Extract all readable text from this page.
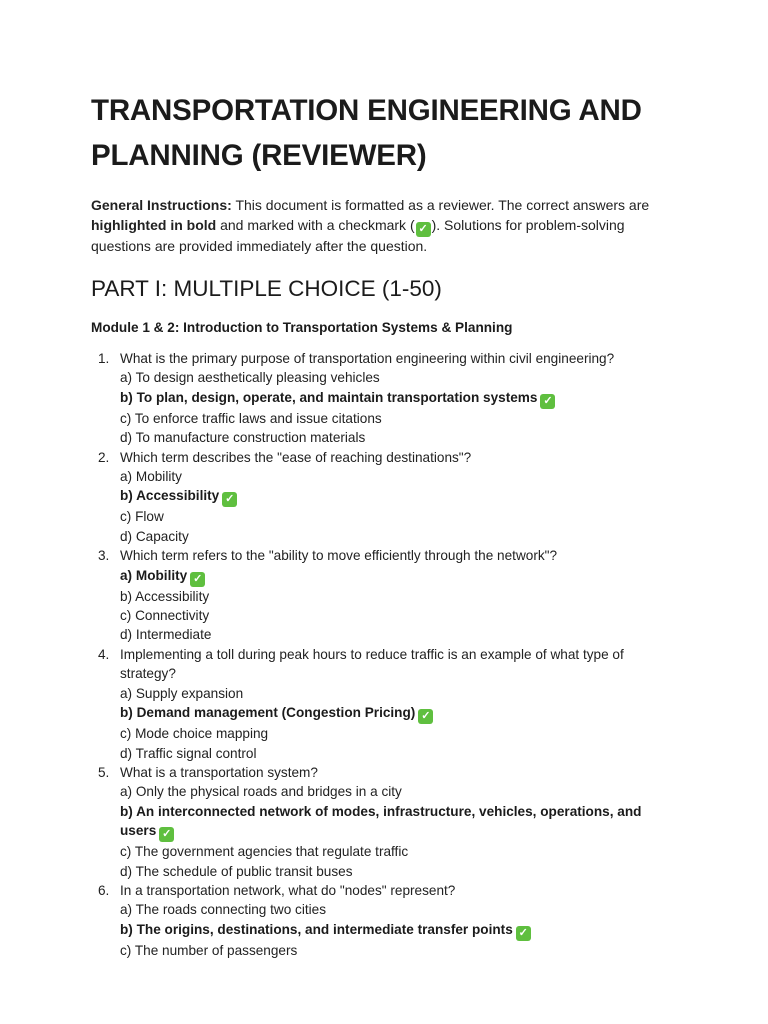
TRANSPORTATION ENGINEERING AND PLANNING (REVIEWER)

General Instructions: This document is formatted as a reviewer. The correct answers are highlighted in bold and marked with a checkmark ( ✓ ). Solutions for problem-solving questions are provided immediately after the question.

PART I: MULTIPLE CHOICE (1-50)
Module 1 & 2: Introduction to Transportation Systems & Planning
1. What is the primary purpose of transportation engineering within civil engineering?
a) To design aesthetically pleasing vehicles
b) To plan, design, operate, and maintain transportation systems ✓
c) To enforce traffic laws and issue citations
d) To manufacture construction materials
2. Which term describes the "ease of reaching destinations"?
a) Mobility
b) Accessibility ✓
c) Flow
d) Capacity
3. Which term refers to the "ability to move efficiently through the network"?
a) Mobility ✓
b) Accessibility
c) Connectivity
d) Intermediate
4. Implementing a toll during peak hours to reduce traffic is an example of what type of strategy?
a) Supply expansion
b) Demand management (Congestion Pricing) ✓
c) Mode choice mapping
d) Traffic signal control
5. What is a transportation system?
a) Only the physical roads and bridges in a city
b) An interconnected network of modes, infrastructure, vehicles, operations, and users ✓
c) The government agencies that regulate traffic
d) The schedule of public transit buses
6. In a transportation network, what do "nodes" represent?
a) The roads connecting two cities
b) The origins, destinations, and intermediate transfer points ✓
c) The number of passengers
